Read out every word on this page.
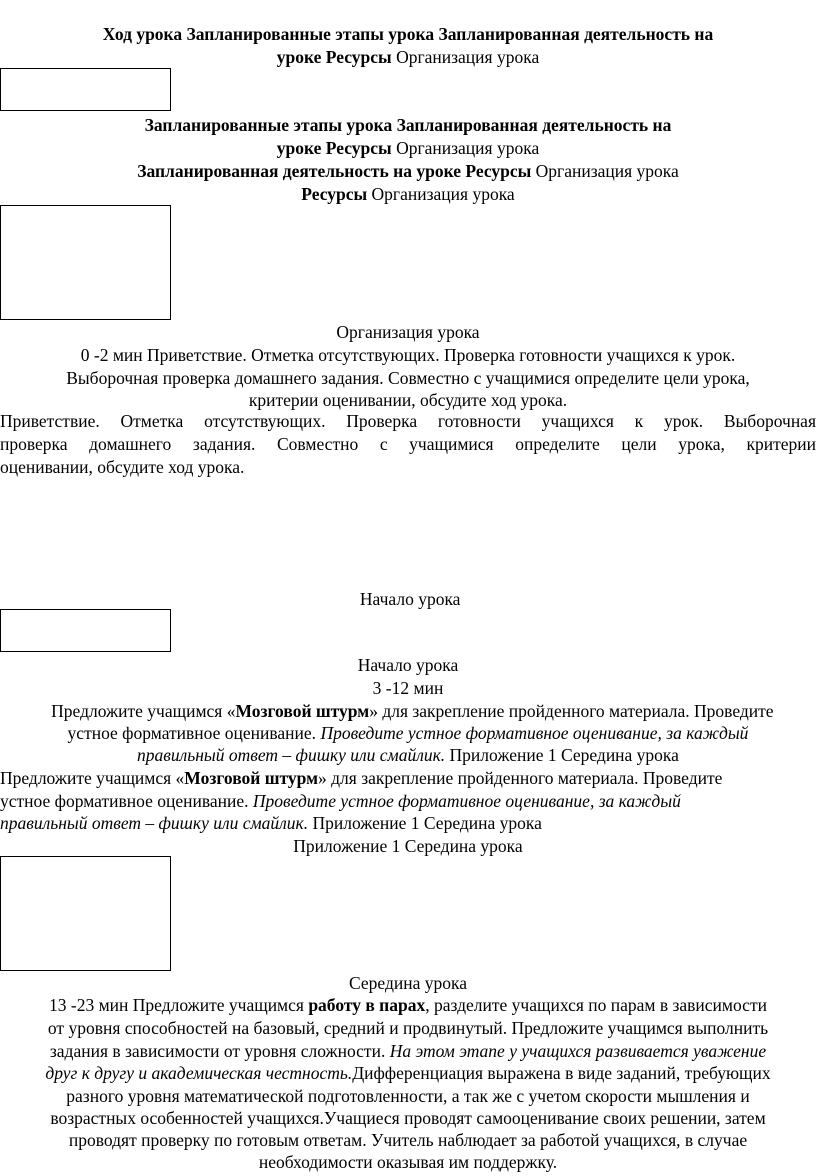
Ход урока Запланированные этапы урока Запланированная деятельность на
уроке Ресурсы Организация урока
Запланированные этапы урока Запланированная деятельность на
уроке Ресурсы Организация урока
Запланированная деятельность на уроке Ресурсы Организация урока
Ресурсы Организация урока
Организация урока
0 -2 мин Приветствие. Отметка отсутствующих. Проверка готовности учащихся к урок.
Выборочная проверка домашнего задания. Совместно с учащимися определите цели урока,
критерии оценивании, обсудите ход урока.
Приветствие. Отметка отсутствующих. Проверка готовности учащихся к урок. Выборочная
проверка домашнего задания. Совместно с учащимися определите цели урока, критерии
оценивании, обсудите ход урока.
Начало урока
Начало урока
3 -12 мин
Предложите учащимся «Мозговой штурм» для закрепление пройденного материала. Проведите
устное формативное оценивание. Проведите устное формативное оценивание, за каждый
правильный ответ – фишку или смайлик. Приложение 1 Середина урока
Предложите учащимся «Мозговой штурм» для закрепление пройденного материала. Проведите
устное формативное оценивание. Проведите устное формативное оценивание, за каждый
правильный ответ – фишку или смайлик. Приложение 1 Середина урока
Приложение 1 Середина урока
Середина урока
13 -23 мин Предложите учащимся работу в парах, разделите учащихся по парам в зависимости
от уровня способностей на базовый, средний и продвинутый. Предложите учащимся выполнить
задания в зависимости от уровня сложности. На этом этапе у учащихся развивается уважение
друг к другу и академическая честность.Дифференциация выражена в виде заданий, требующих
разного уровня математической подготовленности, а так же с учетом скорости мышления и
возрастных особенностей учащихся.Учащиеся проводят самооценивание своих решении, затем
проводят проверку по готовым ответам. Учитель наблюдает за работой учащихся, в случае
необходимости оказывая им поддержку.
